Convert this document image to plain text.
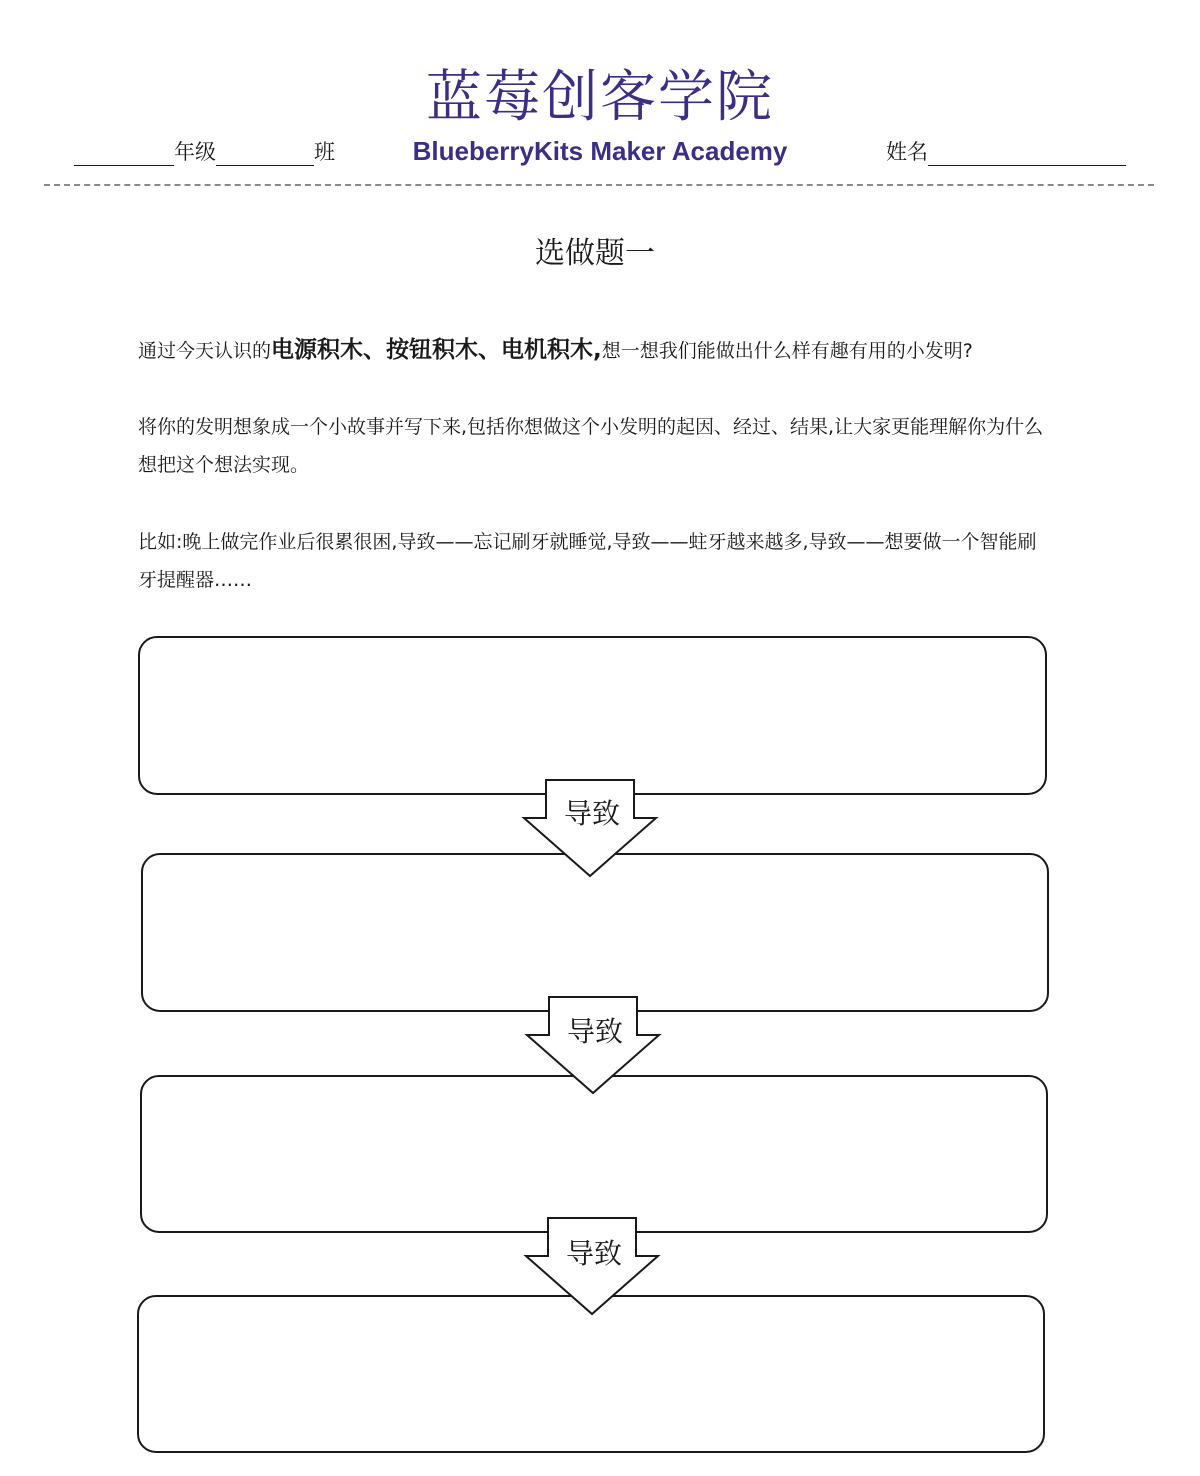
蓝莓创客学院
BlueberryKits Maker Academy
年级	班	姓名
选做题一
通过今天认识的电源积木、按钮积木、电机积木,想一想我们能做出什么样有趣有用的小发明?
将你的发明想象成一个小故事并写下来,包括你想做这个小发明的起因、经过、结果,让大家更能理解你为什么想把这个想法实现。
比如:晚上做完作业后很累很困,导致——忘记刷牙就睡觉,导致——蛀牙越来越多,导致——想要做一个智能刷牙提醒器……
导致
导致
导致
